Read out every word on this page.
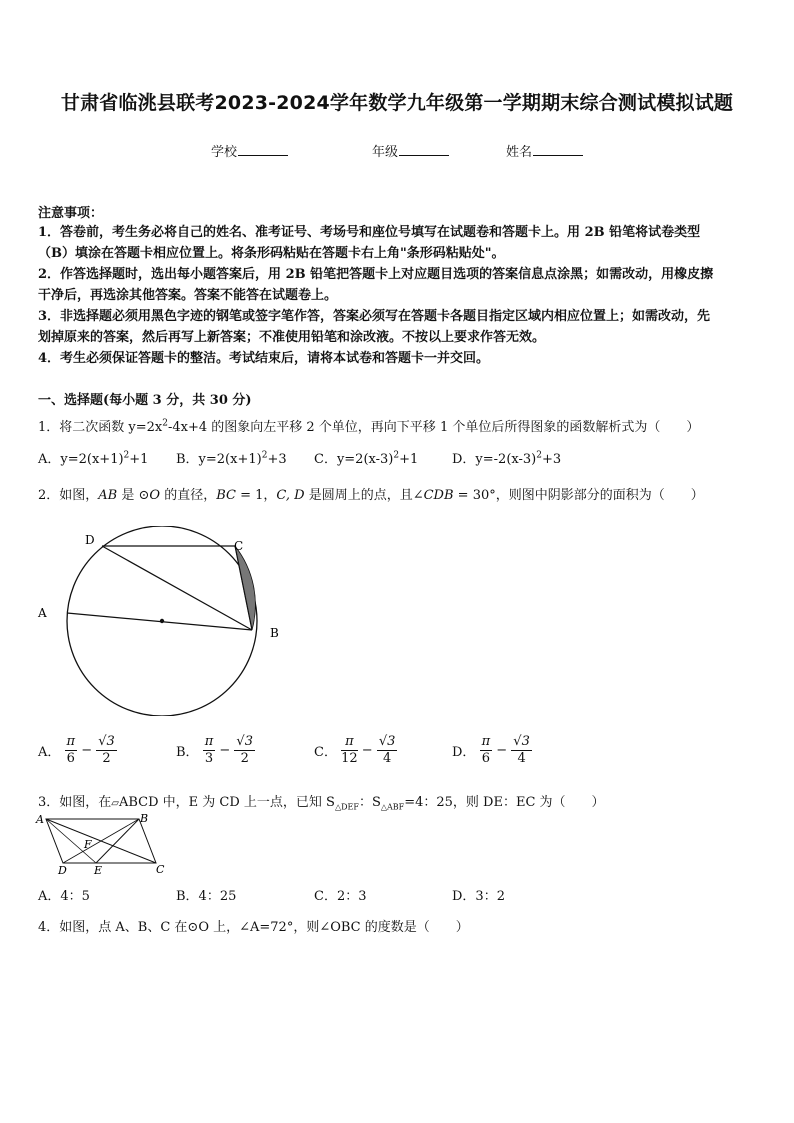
甘肃省临洮县联考2023-2024学年数学九年级第一学期期末综合测试模拟试题
学校	年级	姓名
注意事项：
1．答卷前，考生务必将自己的姓名、准考证号、考场号和座位号填写在试题卷和答题卡上。用 2B 铅笔将试卷类型
（B）填涂在答题卡相应位置上。将条形码粘贴在答题卡右上角"条形码粘贴处"。
2．作答选择题时，选出每小题答案后，用 2B 铅笔把答题卡上对应题目选项的答案信息点涂黑；如需改动，用橡皮擦
干净后，再选涂其他答案。答案不能答在试题卷上。
3．非选择题必须用黑色字迹的钢笔或签字笔作答，答案必须写在答题卡各题目指定区域内相应位置上；如需改动，先
划掉原来的答案，然后再写上新答案；不准使用铅笔和涂改液。不按以上要求作答无效。
4．考生必须保证答题卡的整洁。考试结束后，请将本试卷和答题卡一并交回。
一、选择题(每小题 3 分，共 30 分)
1．将二次函数 $y=2x^2-4x+4$ 的图象向左平移 2 个单位，再向下平移 1 个单位后所得图象的函数解析式为（　　）
A．$y=2(x+1)^2+1$ B．$y=2(x+1)^2+3$ C．$y=2(x-3)^2+1$	D．$y=-2(x-3)^2+3$
2．如图，AB 是 ⊙O 的直径，BC = 1，C, D 是圆周上的点，且∠CDB = 30°，则图中阴影部分的面积为（　　）
D	C
A
B
A． $\frac{\pi}{6} - \frac{√3}{2}$	B． $\frac{\pi}{3} - \frac{√3}{2}$	C． $\frac{\pi}{12} - \frac{√3}{4}$	D． $\frac{\pi}{6} - \frac{√3}{4}$
3．如图，在▱ABCD 中，E 为 CD 上一点，已知 $S_{\triangle DEF}$：$S_{\triangle ABF}=4$：25，则 DE：EC 为（　　）
A	B
C
D E
F
A．4：5	B．4：25	C．2：3	D．3：2
4．如图，点 A、B、C 在⊙O 上，∠A=72°，则∠OBC 的度数是（　　）
